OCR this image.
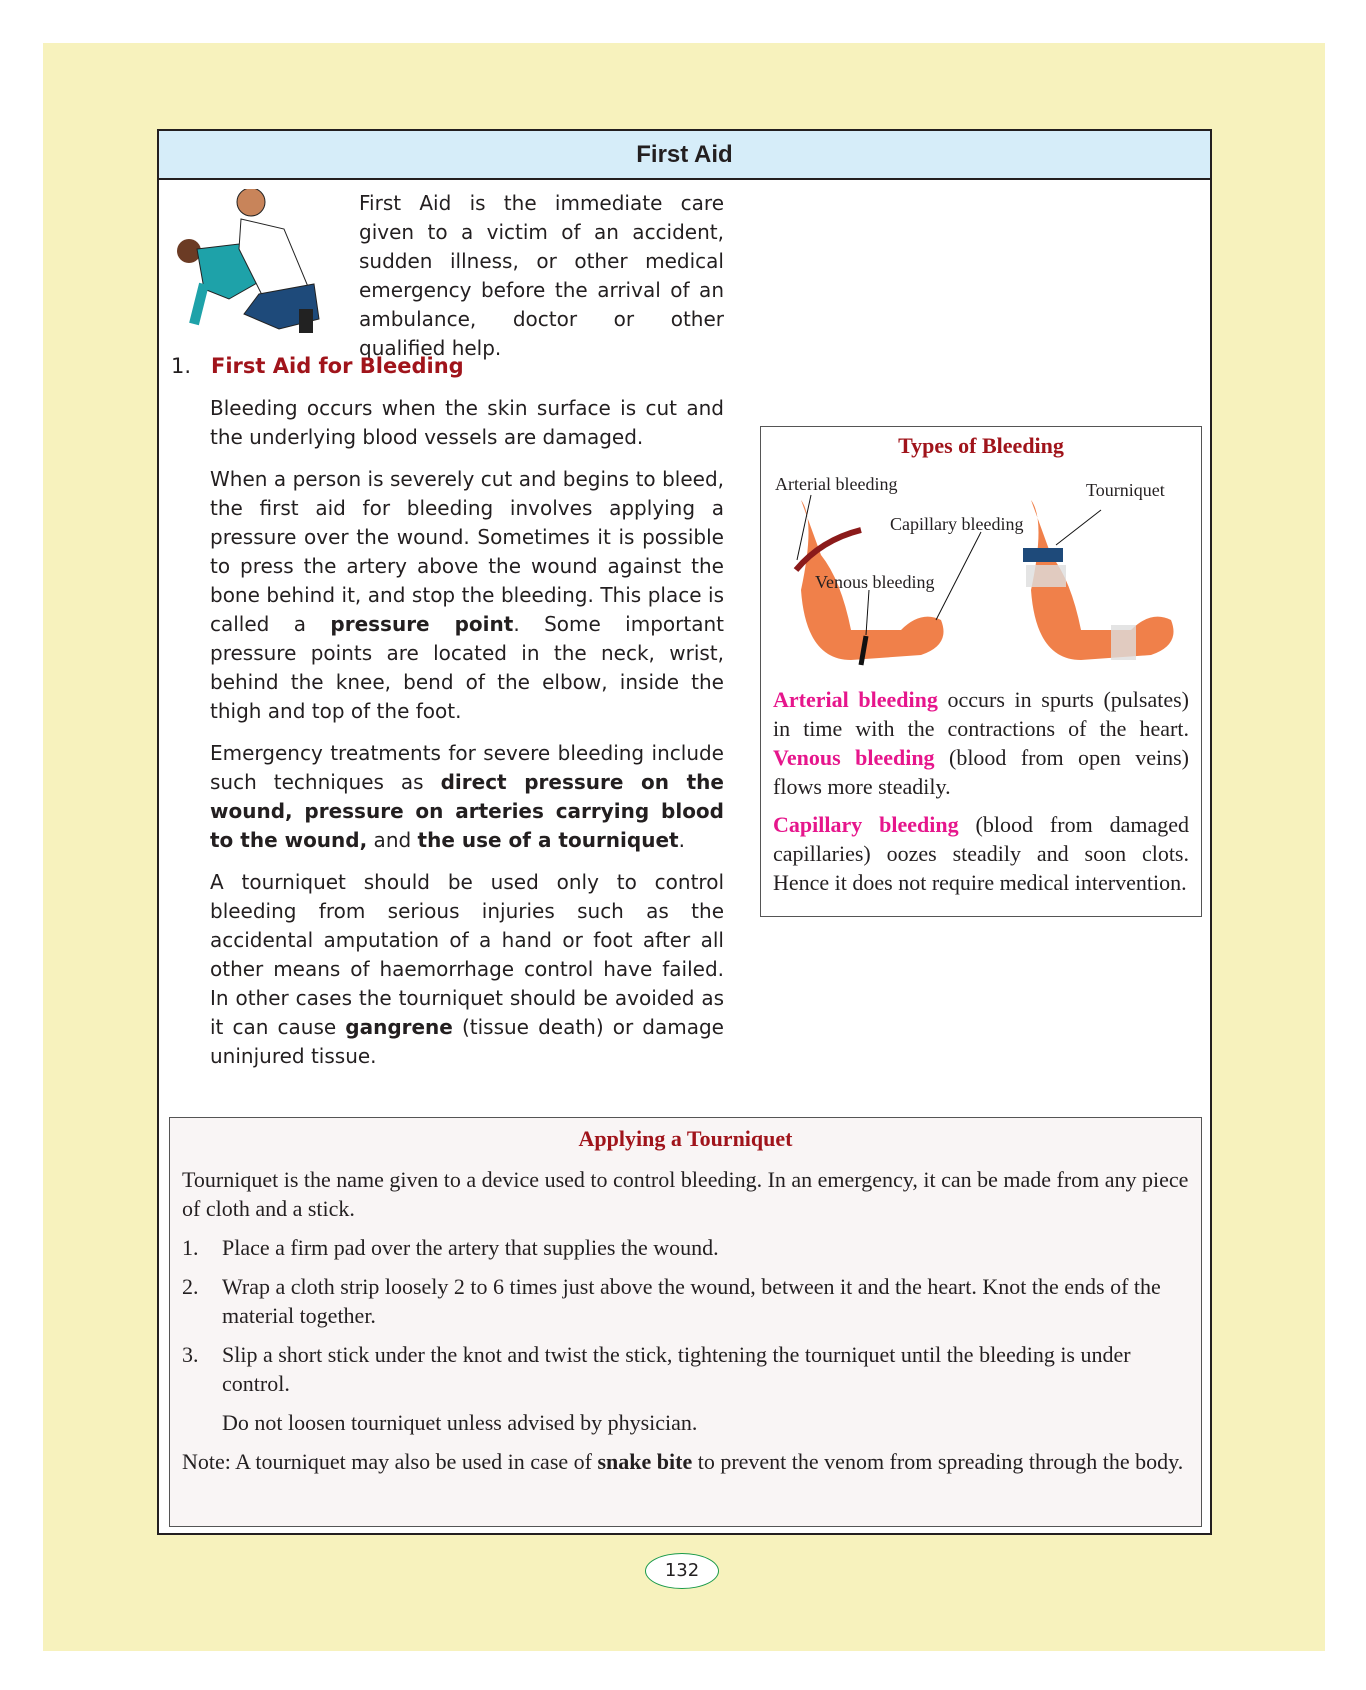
First Aid
First Aid is the immediate care given to a victim of an accident, sudden illness, or other medical emergency before the arrival of an ambulance, doctor or other qualified help.
1. First Aid for Bleeding

Bleeding occurs when the skin surface is cut and the underlying blood vessels are damaged.

When a person is severely cut and begins to bleed, the first aid for bleeding involves applying a pressure over the wound. Sometimes it is possible to press the artery above the wound against the bone behind it, and stop the bleeding. This place is called a pressure point. Some important pressure points are located in the neck, wrist, behind the knee, bend of the elbow, inside the thigh and top of the foot.

Emergency treatments for severe bleeding include such techniques as direct pressure on the wound, pressure on arteries carrying blood to the wound, and the use of a tourniquet.

A tourniquet should be used only to control bleeding from serious injuries such as the accidental amputation of a hand or foot after all other means of haemorrhage control have failed. In other cases the tourniquet should be avoided as it can cause gangrene (tissue death) or damage uninjured tissue.

Types of Bleeding
Arterial bleeding	Tourniquet
Capillary bleeding
Venous bleeding
Arterial bleeding occurs in spurts (pulsates) in time with the contractions of the heart. Venous bleeding (blood from open veins) flows more steadily.
Capillary bleeding (blood from damaged capillaries) oozes steadily and soon clots. Hence it does not require medical intervention.
Applying a Tourniquet
Tourniquet is the name given to a device used to control bleeding. In an emergency, it can be made from any piece of cloth and a stick.
1.	Place a firm pad over the artery that supplies the wound.
2.	Wrap a cloth strip loosely 2 to 6 times just above the wound, between it and the heart. Knot the ends of the material together.
3.	Slip a short stick under the knot and twist the stick, tightening the tourniquet until the bleeding is under control.
Do not loosen tourniquet unless advised by physician.
Note: A tourniquet may also be used in case of snake bite to prevent the venom from spreading through the body.
132
